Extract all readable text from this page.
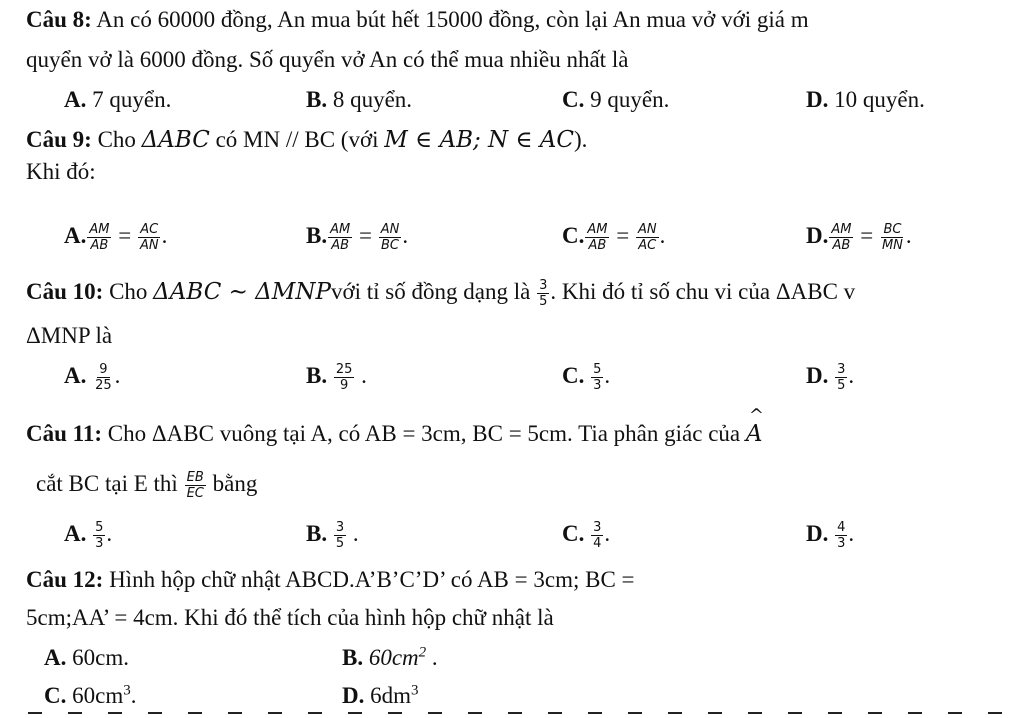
Câu 8: An có 60000 đồng, An mua bút hết 15000 đồng, còn lại An mua vở với giá m
quyển vở là 6000 đồng. Số quyển vở An có thể mua nhiều nhất là
A. 7 quyển.	B. 8 quyển.	C. 9 quyển.	D. 10 quyển.
Câu 9: Cho ΔABC có MN // BC (với M ∈ AB; N ∈ AC).
Khi đó:
A. $\frac{AM}{AB} = \frac{AC}{AN}$ .	B. $\frac{AM}{AB} = \frac{AN}{BC}$ .	C. $\frac{AM}{AB} = \frac{AN}{AC}$ .	D. $\frac{AM}{AB} = \frac{BC}{MN}$ .
Câu 10: Cho ΔABC ∼ ΔMNPvới tỉ số đồng dạng là $\frac{3}{5}$ . Khi đó tỉ số chu vi của ΔABC v
ΔMNP là
A. $\frac{9}{25}$ .	B. $\frac{25}{9}$ .	C. $\frac{5}{3}$ .	D. $\frac{3}{5}$ .
Câu 11: Cho ΔABC vuông tại A, có AB = 3cm, BC = 5cm. Tia phân giác của ^ A
cắt BC tại E thì $\frac{EB}{EC}$ bằng
A. $\frac{5}{3}$ .	B. $\frac{3}{5}$ .	C. $\frac{3}{4}$ .	D. $\frac{4}{3}$ .
Câu 12: Hình hộp chữ nhật ABCD.A’B’C’D’ có AB = 3cm; BC =
5cm;AA’ = 4cm. Khi đó thể tích của hình hộp chữ nhật là
A. 60cm.	B. $60cm^2$ .
C. $60cm^3$.	D. $6dm^3$
